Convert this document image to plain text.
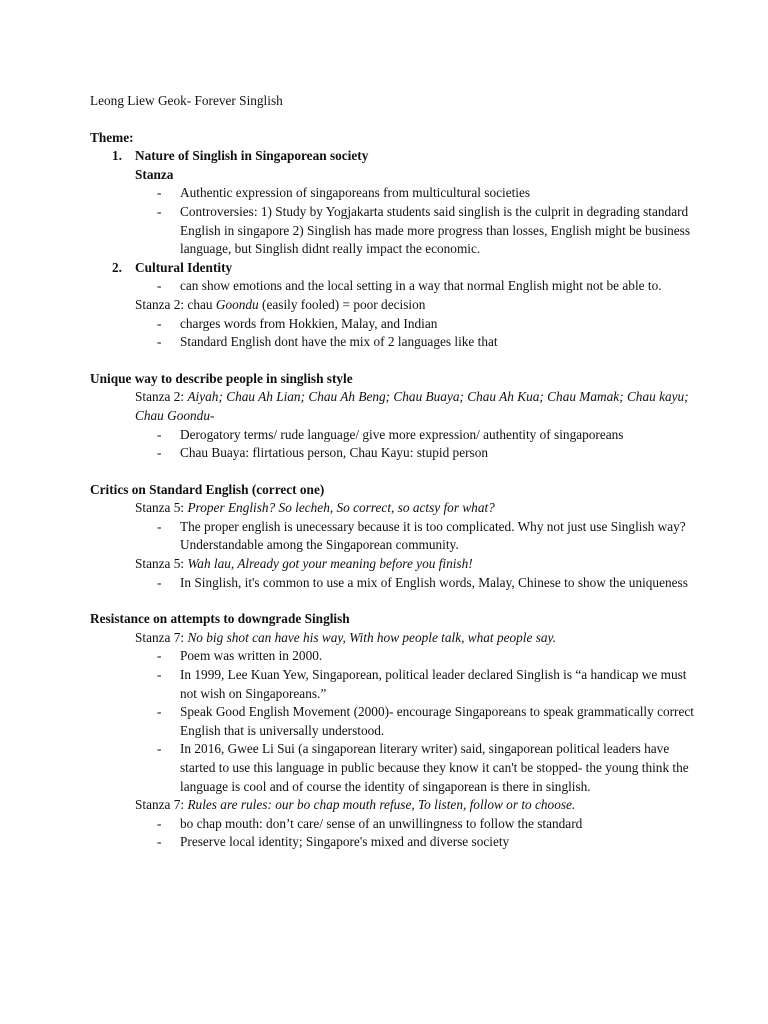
Leong Liew Geok- Forever Singlish
Theme:
1. Nature of Singlish in Singaporean society
Stanza
- Authentic expression of singaporeans from multicultural societies
- Controversies: 1) Study by Yogjakarta students said singlish is the culprit in degrading standard English in singapore 2) Singlish has made more progress than losses, English might be business language, but Singlish didnt really impact the economic.
2. Cultural Identity
- can show emotions and the local setting in a way that normal English might not be able to.
Stanza 2: chau Goondu (easily fooled) = poor decision
- charges words from Hokkien, Malay, and Indian
- Standard English dont have the mix of 2 languages like that
Unique way to describe people in singlish style
Stanza 2: Aiyah; Chau Ah Lian; Chau Ah Beng; Chau Buaya; Chau Ah Kua; Chau Mamak; Chau kayu; Chau Goondu-
- Derogatory terms/ rude language/ give more expression/ authentity of singaporeans
- Chau Buaya: flirtatious person, Chau Kayu: stupid person
Critics on Standard English (correct one)
Stanza 5: Proper English? So lecheh, So correct, so actsy for what?
- The proper english is unecessary because it is too complicated. Why not just use Singlish way? Understandable among the Singaporean community.
Stanza 5: Wah lau, Already got your meaning before you finish!
- In Singlish, it's common to use a mix of English words, Malay, Chinese to show the uniqueness
Resistance on attempts to downgrade Singlish
Stanza 7: No big shot can have his way, With how people talk, what people say.
- Poem was written in 2000.
- In 1999, Lee Kuan Yew, Singaporean, political leader declared Singlish is “a handicap we must not wish on Singaporeans.”
- Speak Good English Movement (2000)- encourage Singaporeans to speak grammatically correct English that is universally understood.
- In 2016, Gwee Li Sui (a singaporean literary writer) said, singaporean political leaders have started to use this language in public because they know it can't be stopped- the young think the language is cool and of course the identity of singaporean is there in singlish.
Stanza 7: Rules are rules: our bo chap mouth refuse, To listen, follow or to choose.
- bo chap mouth: don’t care/ sense of an unwillingness to follow the standard
- Preserve local identity; Singapore's mixed and diverse society
